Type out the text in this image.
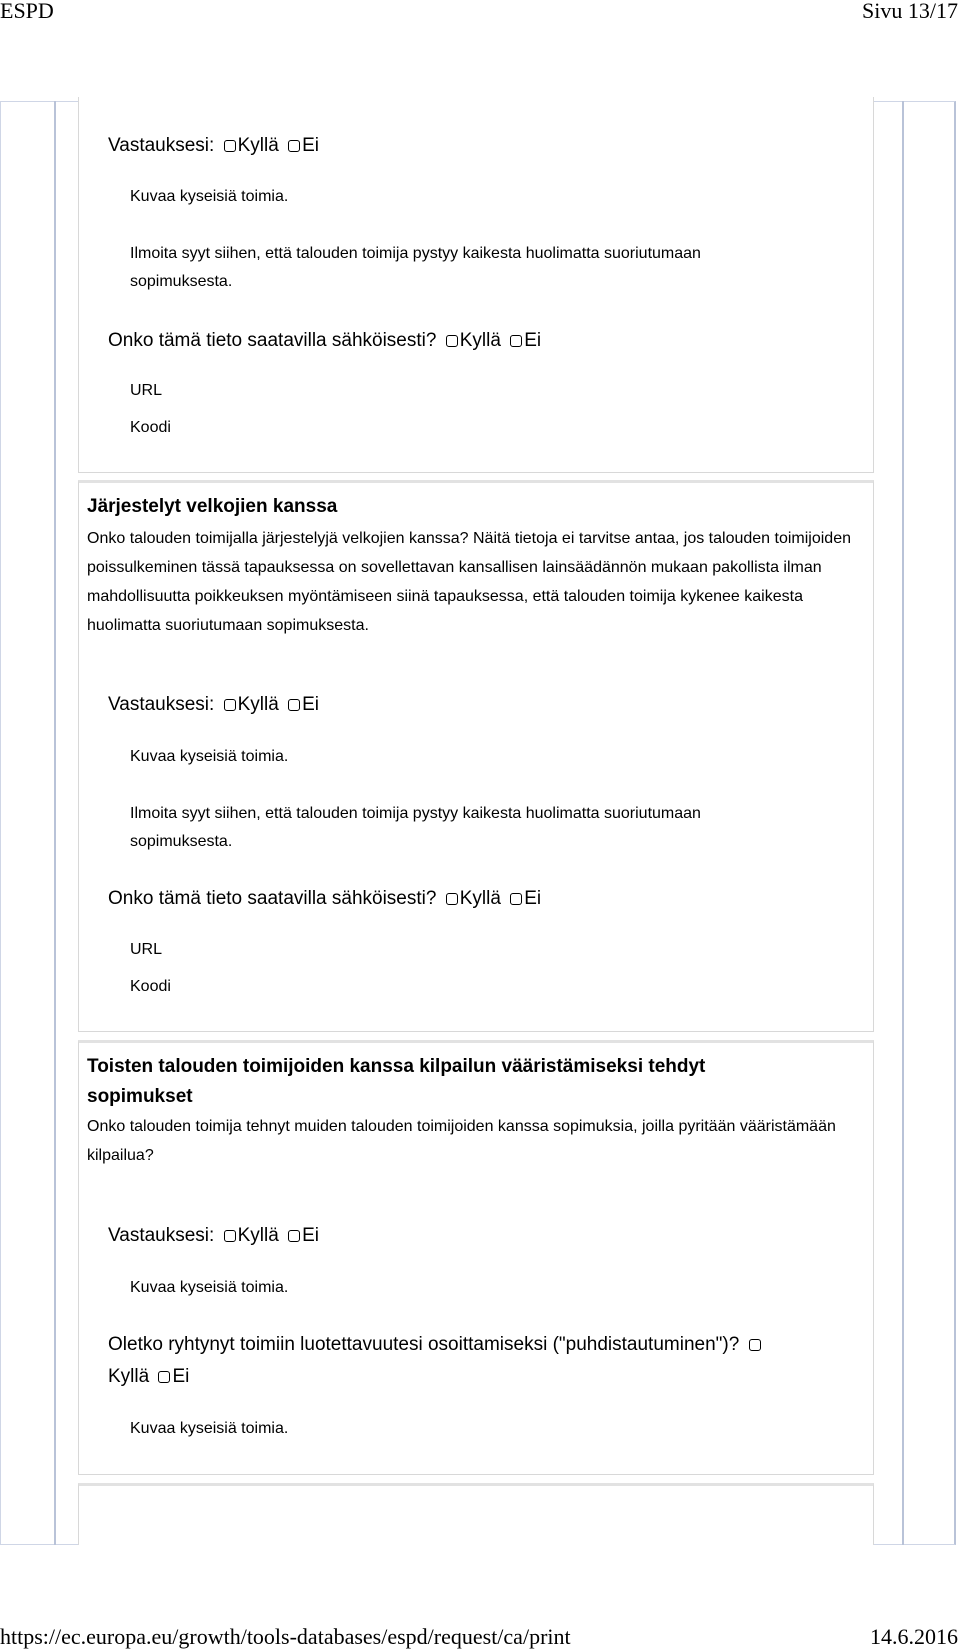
ESPD	Sivu 13/17
Vastauksesi: Kyllä Ei
Kuvaa kyseisiä toimia.
Ilmoita syyt siihen, että talouden toimija pystyy kaikesta huolimatta suoriutumaan
sopimuksesta.
Onko tämä tieto saatavilla sähköisesti? Kyllä Ei
URL
Koodi
Järjestelyt velkojien kanssa
Onko talouden toimijalla järjestelyjä velkojien kanssa? Näitä tietoja ei tarvitse antaa, jos talouden toimijoiden poissulkeminen tässä tapauksessa on sovellettavan kansallisen lainsäädännön mukaan pakollista ilman mahdollisuutta poikkeuksen myöntämiseen siinä tapauksessa, että talouden toimija kykenee kaikesta huolimatta suoriutumaan sopimuksesta.
Vastauksesi: Kyllä Ei
Kuvaa kyseisiä toimia.
Ilmoita syyt siihen, että talouden toimija pystyy kaikesta huolimatta suoriutumaan
sopimuksesta.
Onko tämä tieto saatavilla sähköisesti? Kyllä Ei
URL
Koodi
Toisten talouden toimijoiden kanssa kilpailun vääristämiseksi tehdyt
sopimukset
Onko talouden toimija tehnyt muiden talouden toimijoiden kanssa sopimuksia, joilla pyritään vääristämään kilpailua?
Vastauksesi: Kyllä Ei
Kuvaa kyseisiä toimia.
Oletko ryhtynyt toimiin luotettavuutesi osoittamiseksi ("puhdistautuminen")?
Kyllä Ei
Kuvaa kyseisiä toimia.
https://ec.europa.eu/growth/tools-databases/espd/request/ca/print	14.6.2016
